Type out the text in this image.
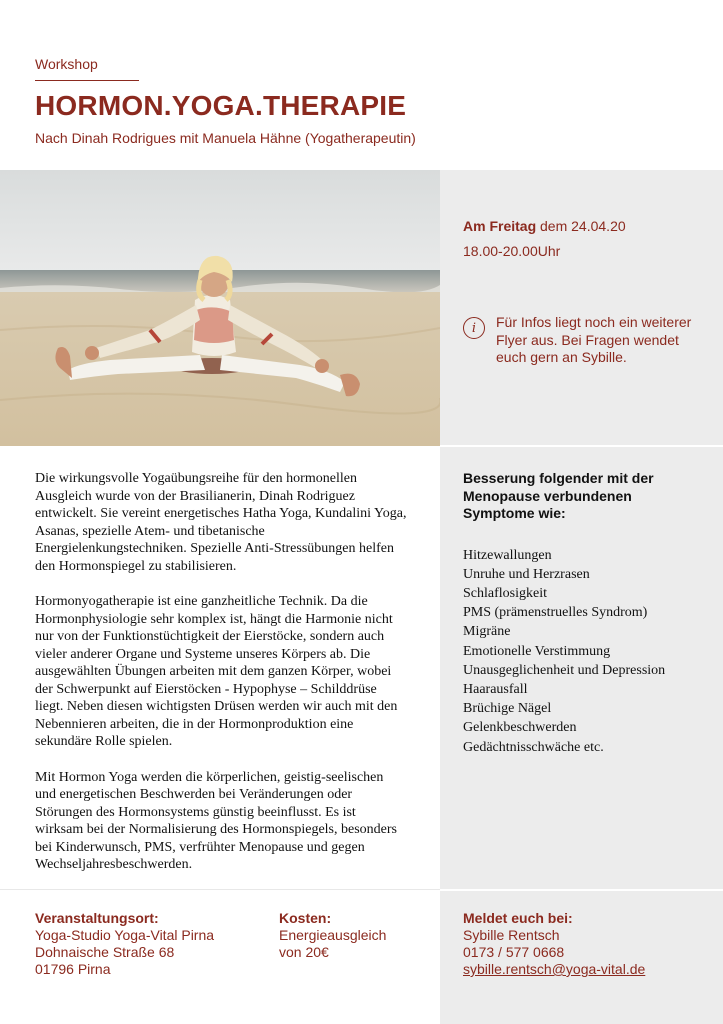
Workshop
HORMON.YOGA.THERAPIE
Nach Dinah Rodrigues mit Manuela Hähne (Yogatherapeutin)
Am Freitag dem 24.04.20
18.00-20.00Uhr
i	Für Infos liegt noch ein weiterer Flyer aus. Bei Fragen wendet euch gern an Sybille.

Die wirkungsvolle Yogaübungsreihe für den hormonellen Ausgleich wurde von der Brasilianerin, Dinah Rodriguez entwickelt. Sie vereint energetisches Hatha Yoga, Kundalini Yoga, Asanas, spezielle Atem- und tibetanische Energielenkungstechniken. Spezielle Anti-Stressübungen helfen den Hormonspiegel zu stabilisieren.

Hormonyogatherapie ist eine ganzheitliche Technik. Da die Hormonphysiologie sehr komplex ist, hängt die Harmonie nicht nur von der Funktionstüchtigkeit der Eierstöcke, sondern auch vieler anderer Organe und Systeme unseres Körpers ab. Die ausgewählten Übungen arbeiten mit dem ganzen Körper, wobei der Schwerpunkt auf Eierstöcken - Hypophyse – Schilddrüse liegt. Neben diesen wichtigsten Drüsen werden wir auch mit den Nebennieren arbeiten, die in der Hormonproduktion eine sekundäre Rolle spielen.

Mit Hormon Yoga werden die körperlichen, geistig-seelischen und energetischen Beschwerden bei Veränderungen oder Störungen des Hormonsystems günstig beeinflusst. Es ist wirksam bei der Normalisierung des Hormonspiegels, besonders bei Kinderwunsch, PMS, verfrühter Menopause und gegen Wechseljahresbeschwerden.

Besserung folgender mit der Menopause verbundenen Symptome wie:
Hitzewallungen
Unruhe und Herzrasen
Schlaflosigkeit
PMS (prämenstruelles Syndrom)
Migräne
Emotionelle Verstimmung
Unausgeglichenheit und Depression
Haarausfall
Brüchige Nägel
Gelenkbeschwerden
Gedächtnisschwäche etc.
Veranstaltungsort:
Yoga-Studio Yoga-Vital Pirna
Dohnaische Straße 68
01796 Pirna
Kosten:
Energieausgleich
von 20€
Meldet euch bei:
Sybille Rentsch
0173 / 577 0668
sybille.rentsch@yoga-vital.de
